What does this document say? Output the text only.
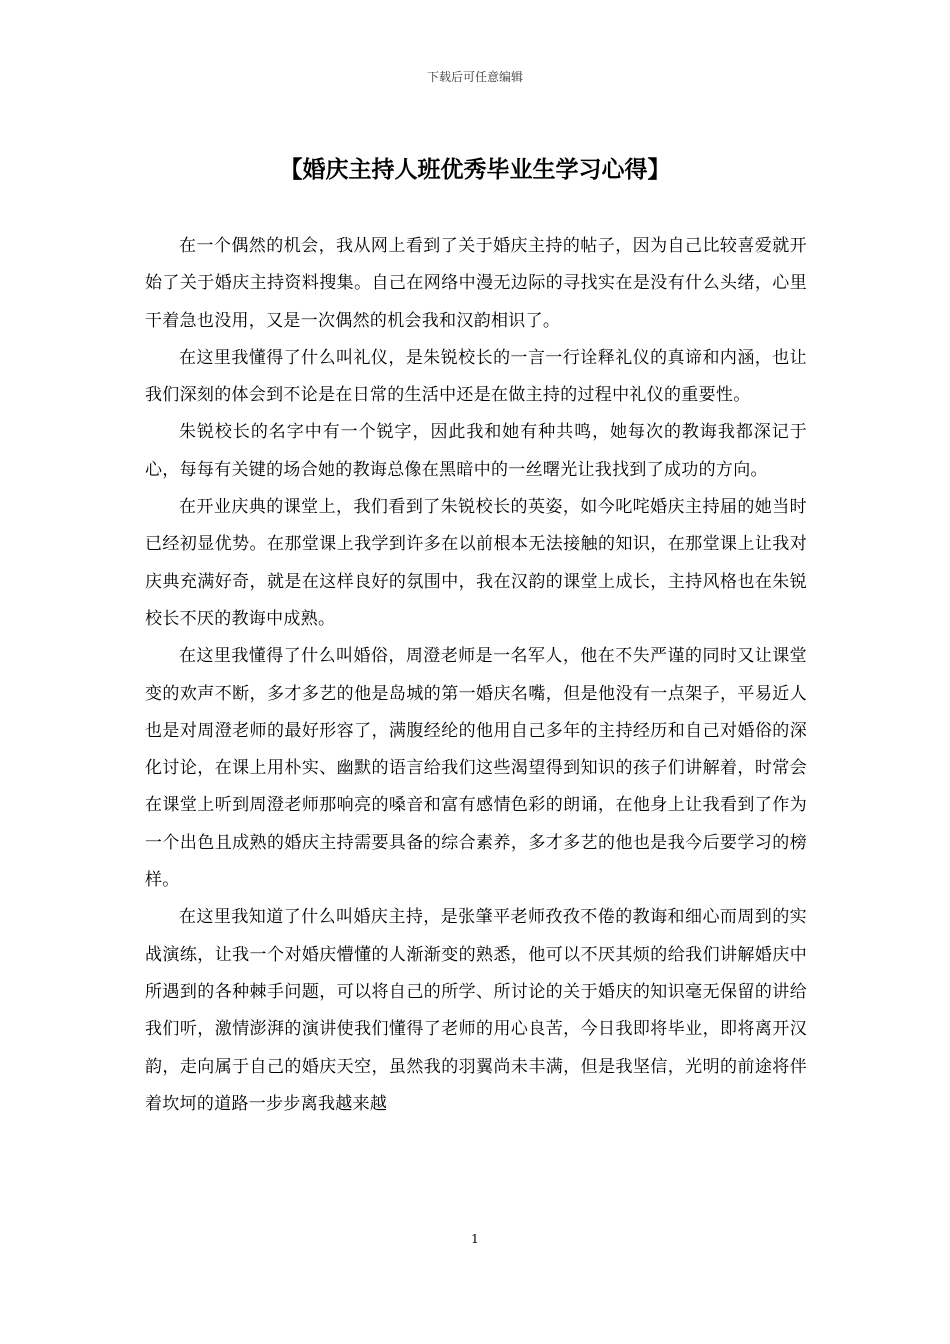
下载后可任意编辑
【婚庆主持人班优秀毕业生学习心得】

在一个偶然的机会，我从网上看到了关于婚庆主持的帖子，因为自己比较喜爱就开始了关于婚庆主持资料搜集。自己在网络中漫无边际的寻找实在是没有什么头绪，心里干着急也没用，又是一次偶然的机会我和汉韵相识了。

在这里我懂得了什么叫礼仪，是朱锐校长的一言一行诠释礼仪的真谛和内涵，也让我们深刻的体会到不论是在日常的生活中还是在做主持的过程中礼仪的重要性。

朱锐校长的名字中有一个锐字，因此我和她有种共鸣，她每次的教诲我都深记于心，每每有关键的场合她的教诲总像在黑暗中的一丝曙光让我找到了成功的方向。

在开业庆典的课堂上，我们看到了朱锐校长的英姿，如今叱咤婚庆主持届的她当时已经初显优势。在那堂课上我学到许多在以前根本无法接触的知识，在那堂课上让我对庆典充满好奇，就是在这样良好的氛围中，我在汉韵的课堂上成长，主持风格也在朱锐校长不厌的教诲中成熟。

在这里我懂得了什么叫婚俗，周澄老师是一名军人，他在不失严谨的同时又让课堂变的欢声不断，多才多艺的他是岛城的第一婚庆名嘴，但是他没有一点架子，平易近人也是对周澄老师的最好形容了，满腹经纶的他用自己多年的主持经历和自己对婚俗的深化讨论，在课上用朴实、幽默的语言给我们这些渴望得到知识的孩子们讲解着，时常会在课堂上听到周澄老师那响亮的嗓音和富有感情色彩的朗诵，在他身上让我看到了作为一个出色且成熟的婚庆主持需要具备的综合素养，多才多艺的他也是我今后要学习的榜样。

在这里我知道了什么叫婚庆主持，是张肇平老师孜孜不倦的教诲和细心而周到的实战演练，让我一个对婚庆懵懂的人渐渐变的熟悉，他可以不厌其烦的给我们讲解婚庆中所遇到的各种棘手问题，可以将自己的所学、所讨论的关于婚庆的知识毫无保留的讲给我们听，激情澎湃的演讲使我们懂得了老师的用心良苦，今日我即将毕业，即将离开汉韵，走向属于自己的婚庆天空，虽然我的羽翼尚未丰满，但是我坚信，光明的前途将伴着坎坷的道路一步步离我越来越

1
